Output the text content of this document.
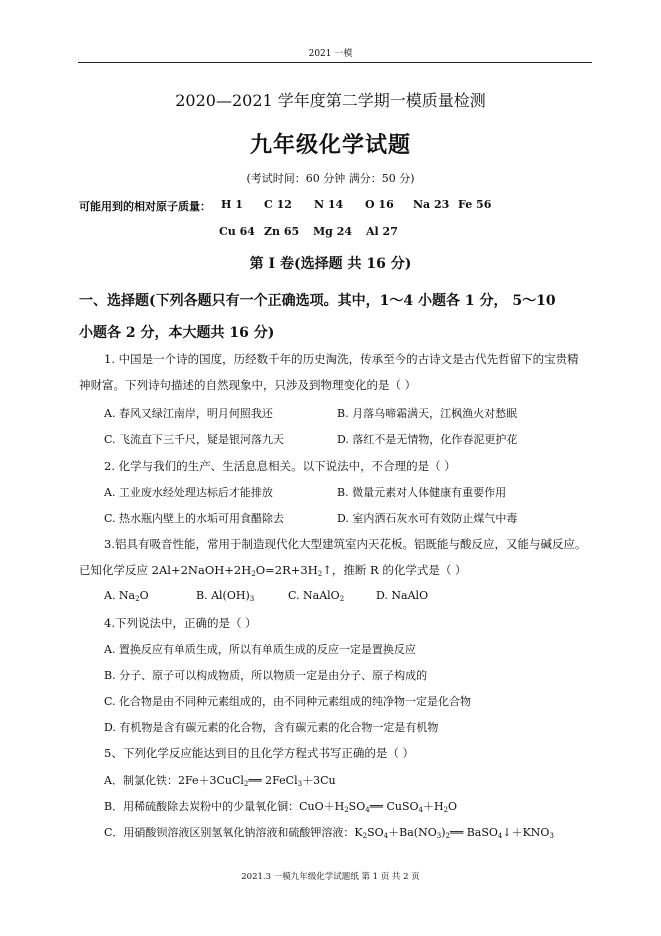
2021 一模
2020—2021 学年度第二学期一模质量检测
九年级化学试题
(考试时间：60 分钟 满分：50 分)
可能用到的相对原子质量： H 1 C 12 N 14 O 16 Na 23 Fe 56
Cu 64 Zn 65 Mg 24 Al 27
第 I 卷(选择题 共 16 分)
一、选择题(下列各题只有一个正确选项。其中，1～4 小题各 1 分， 5～10
小题各 2 分，本大题共 16 分)
1. 中国是一个诗的国度，历经数千年的历史淘洗，传承至今的古诗文是古代先哲留下的宝贵精
神财富。下列诗句描述的自然现象中，只涉及到物理变化的是（ ）
A. 春风又绿江南岸，明月何照我还	B. 月落乌啼霜满天，江枫渔火对愁眠
C. 飞流直下三千尺，疑是银河落九天	D. 落红不是无情物，化作春泥更护花
2. 化学与我们的生产、生活息息相关。以下说法中，不合理的是（ ）
A. 工业废水经处理达标后才能排放	B. 微量元素对人体健康有重要作用
C. 热水瓶内壁上的水垢可用食醋除去	D. 室内洒石灰水可有效防止煤气中毒
3.铝具有吸音性能，常用于制造现代化大型建筑室内天花板。铝既能与酸反应，又能与碱反应。
已知化学反应 $2Al+2NaOH+2H_2O=2R+3H_2↑$，推断 R 的化学式是（ ）
A. $Na_2O$	B. $Al(OH)_3$	C. NaAlO$_2$	D. NaAlO
4.下列说法中，正确的是（ ）
A. 置换反应有单质生成，所以有单质生成的反应一定是置换反应
B. 分子、原子可以构成物质，所以物质一定是由分子、原子构成的
C. 化合物是由不同种元素组成的，由不同种元素组成的纯净物一定是化合物
D. 有机物是含有碳元素的化合物，含有碳元素的化合物一定是有机物
5、下列化学反应能达到目的且化学方程式书写正确的是（ ）
A．制氯化铁：2Fe＋3CuCl$_2$══ 2FeCl$_3$＋3Cu
B．用稀硫酸除去炭粉中的少量氧化铜：$CuO+H_2SO_4══$ $CuSO_4+H_2O$
C．用硝酸钡溶液区别氢氧化钠溶液和硫酸钾溶液：$K_2SO_4+Ba(NO_3)_2══$ $BaSO_4↓+KNO_3$
2021.3 一模九年级化学试题纸 第 1 页 共 2 页
